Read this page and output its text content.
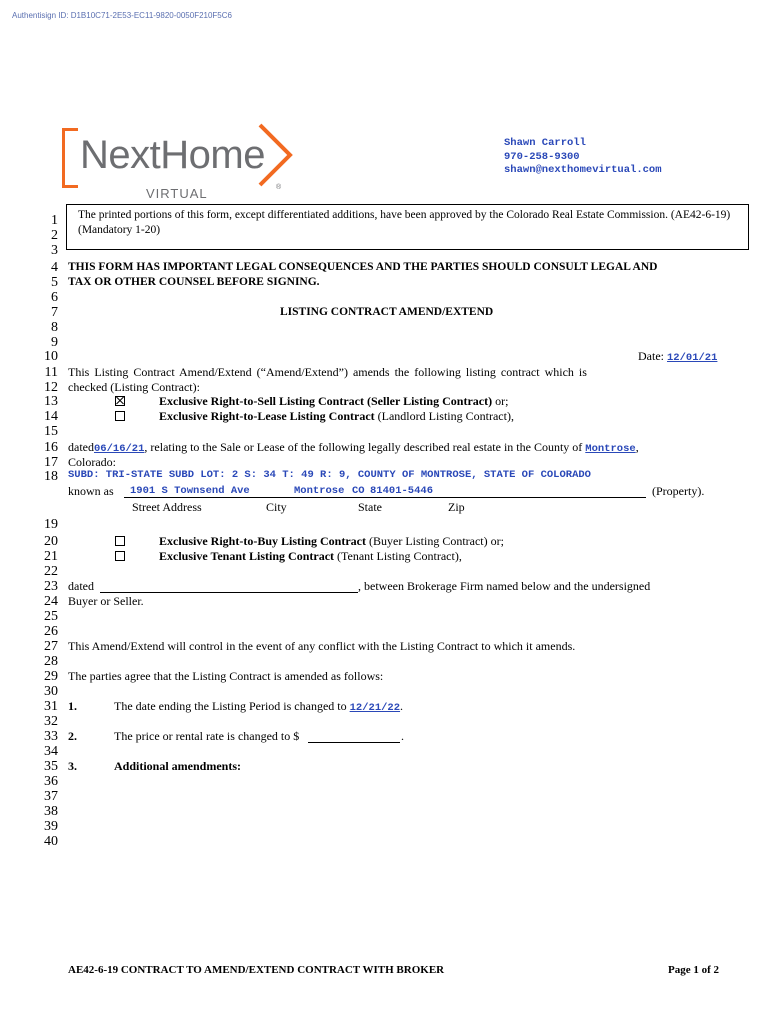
Authentisign ID: D1B10C71-2E53-EC11-9820-0050F210F5C6
NextHome
VIRTUAL	®
Shawn Carroll
970-258-9300
shawn@nexthomevirtual.com
The printed portions of this form, except differentiated additions, have been approved by the Colorado Real Estate Commission. (AE42-6-19) (Mandatory 1-20)
1
2
3
4
5
6
7
8
9
10
11
12
13
14
15
16
17
18
19
20
21
22
23
24
25
26
27
28
29
30
31
32
33
34
35
36
37
38
39
40
THIS FORM HAS IMPORTANT LEGAL CONSEQUENCES AND THE PARTIES SHOULD CONSULT LEGAL AND
TAX OR OTHER COUNSEL BEFORE SIGNING.
LISTING CONTRACT AMEND/EXTEND
Date: 12/01/21
This Listing Contract Amend/Extend (“Amend/Extend”) amends the following listing contract which is
checked (Listing Contract):
Exclusive Right-to-Sell Listing Contract (Seller Listing Contract) or;
Exclusive Right-to-Lease Listing Contract (Landlord Listing Contract),
dated06/16/21, relating to the Sale or Lease of the following legally described real estate in the County of Montrose,
Colorado:
SUBD: TRI-STATE SUBD LOT: 2 S: 34 T: 49 R: 9, COUNTY OF MONTROSE, STATE OF COLORADO
known as 1901 S Townsend Ave	Montrose CO 81401-5446	(Property).
Street Address	City	State	Zip
Exclusive Right-to-Buy Listing Contract (Buyer Listing Contract) or;
Exclusive Tenant Listing Contract (Tenant Listing Contract),
dated	, between Brokerage Firm named below and the undersigned
Buyer or Seller.
This Amend/Extend will control in the event of any conflict with the Listing Contract to which it amends.
The parties agree that the Listing Contract is amended as follows:
1.	The date ending the Listing Period is changed to 12/21/22.
2.	The price or rental rate is changed to $	.
3.	Additional amendments:
AE42-6-19 CONTRACT TO AMEND/EXTEND CONTRACT WITH BROKER	Page 1 of 2
